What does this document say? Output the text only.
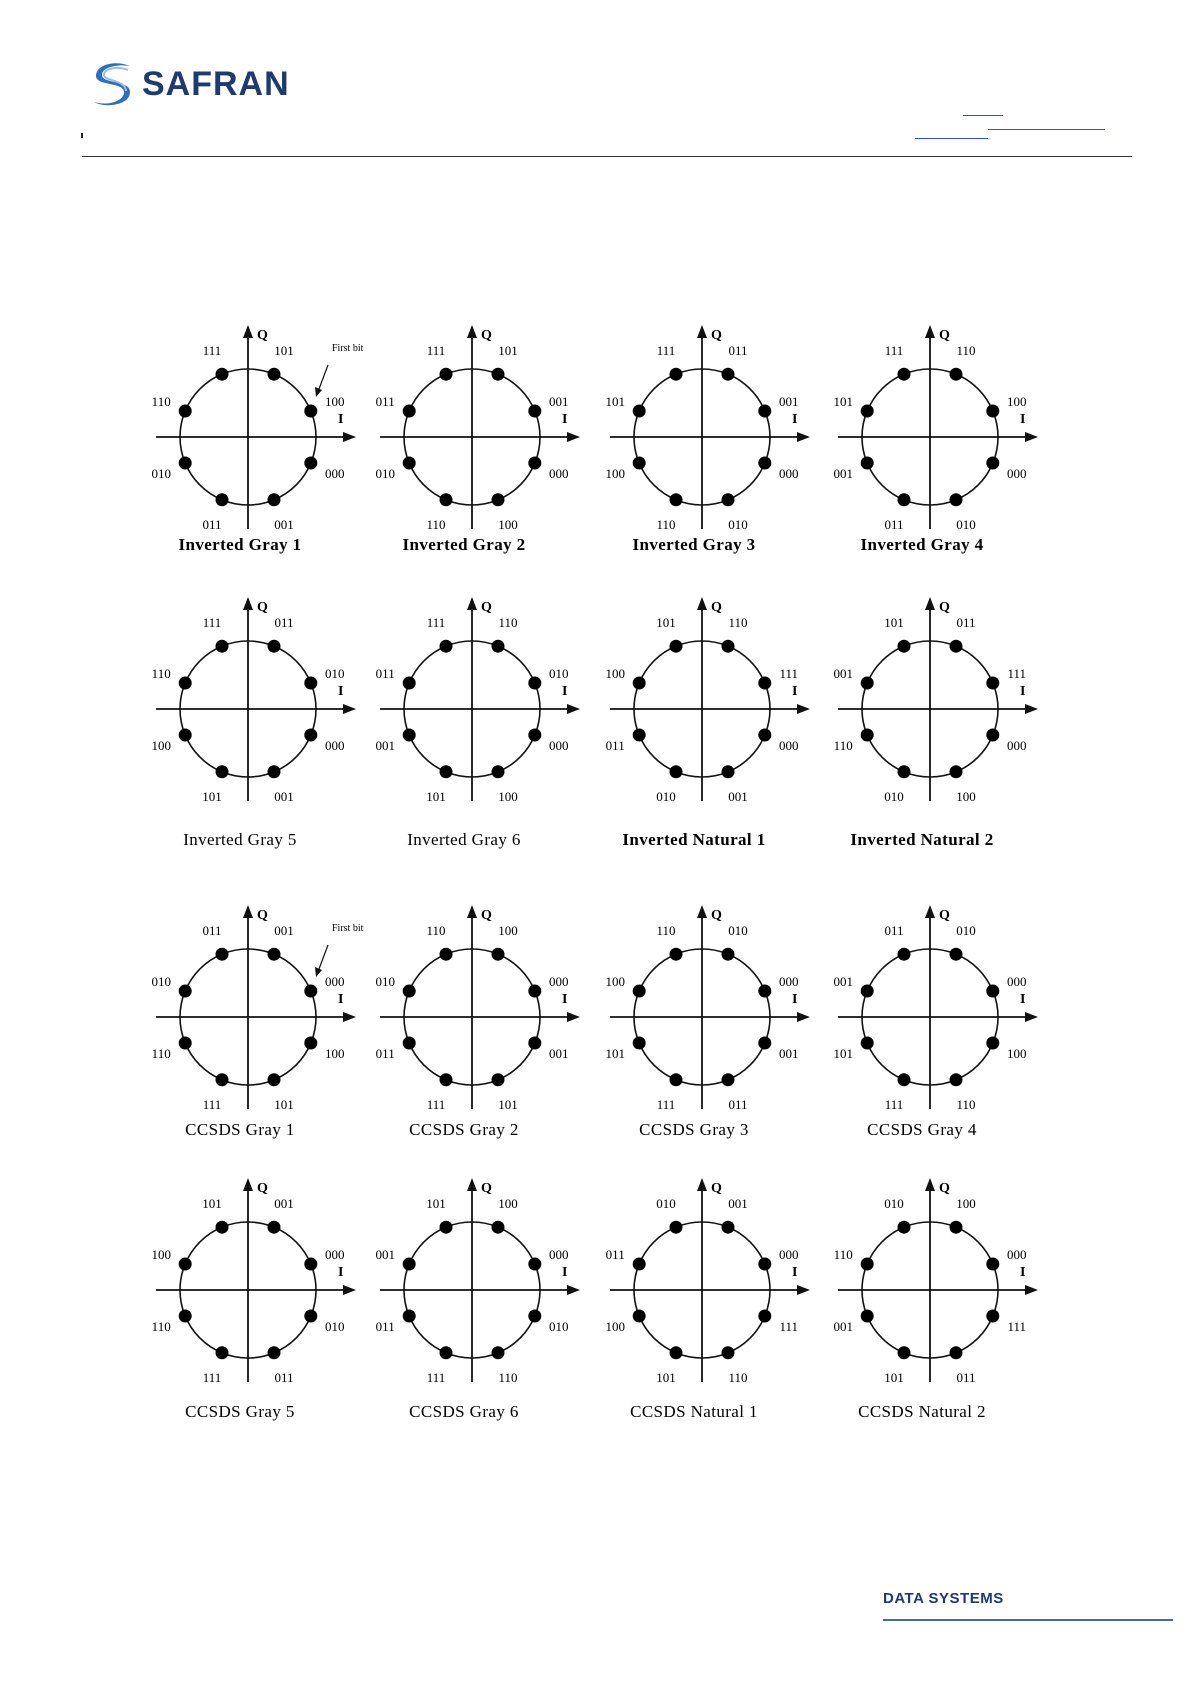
SAFRAN
Q
I
101
100
000
001
011
010
110
111	First bit
Inverted Gray 1
Q
I
101
001
000
100
110
010
011
111
Inverted Gray 2
Q
I
011
001
000
010
110
100
101
111
Inverted Gray 3
Q
I
110
100
000
010
011
001
101
111
Inverted Gray 4
Q
I
011
010
000
001
101
100
110
111
Inverted Gray 5
Q
I
110
010
000
100
101
001
011
111
Inverted Gray 6
Q
I
110
111
000
001
010
011
100
101
Inverted Natural 1
Q
I
011
111
000
100
010
110
001
101
Inverted Natural 2
Q
I
001
000
100
101
111
110
010
011	First bit
CCSDS Gray 1
Q
I
100
000
001
101
111
011
010
110
CCSDS Gray 2
Q
I
010
000
001
011
111
101
100
110
CCSDS Gray 3
Q
I
010
000
100
110
111
101
001
011
CCSDS Gray 4
Q
I
001
000
010
011
111
110
100
101
CCSDS Gray 5
Q
I
100
000
010
110
111
011
001
101
CCSDS Gray 6
Q
I
001
000
111
110
101
100
011
010
CCSDS Natural 1
Q
I
100
000
111
011
101
001
110
010
CCSDS Natural 2
DATA SYSTEMS
